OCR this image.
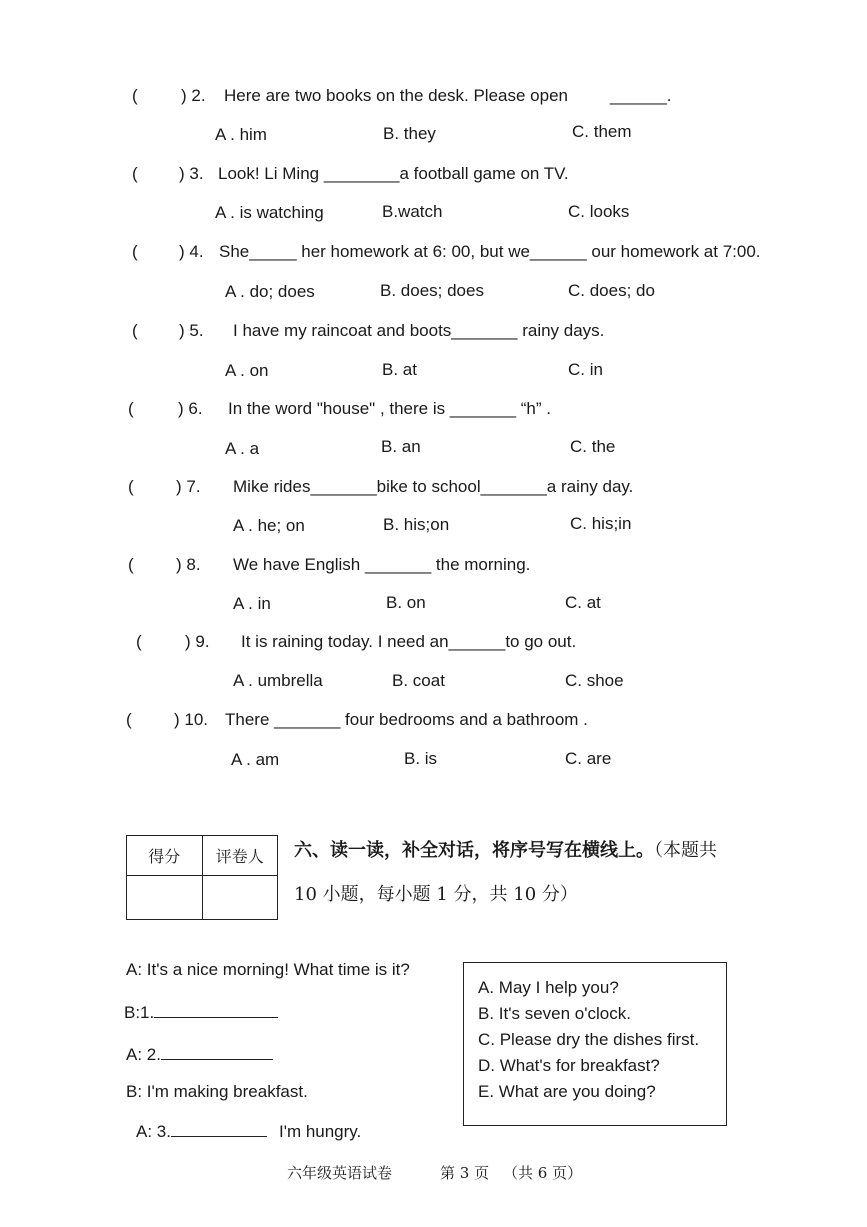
(	) 2. Here are two books on the desk. Please open ______.
A . him	B. they	C. them
( ) 3. Look! Li Ming ________a football game on TV.
A . is watching	B.watch	C. looks
( ) 4. She_____ her homework at 6: 00, but we______ our homework at 7:00.
A . do; does	B. does; does	C. does; do
( ) 5. I have my raincoat and boots_______ rainy days.
A . on	B. at	C. in
(	) 6. In the word "house" , there is _______ “h” .
A . a	B. an	C. the
( ) 7. Mike rides_______bike to school_______a rainy day.
A . he; on	B. his;on	C. his;in
( ) 8. We have English _______ the morning.
A . in	B. on	C. at
(	) 9. It is raining today. I need an______to go out.
A . umbrella	B. coat	C. shoe
( ) 10. There _______ four bedrooms and a bathroom .
A . am	B. is	C. are
得分	评卷人
	六、读一读，补全对话，将序号写在横线上。（本题共
10 小题，每小题 1 分，共 10 分）
A: It's a nice morning! What time is it?
B:1.
A: 2.
B: I'm making breakfast.
A: 3.	I'm hungry.
A. May I help you?
B. It's seven o'clock.
C. Please dry the dishes first.
D. What's for breakfast?
E. What are you doing?
六年级英语试卷	第 3 页 （共 6 页）
